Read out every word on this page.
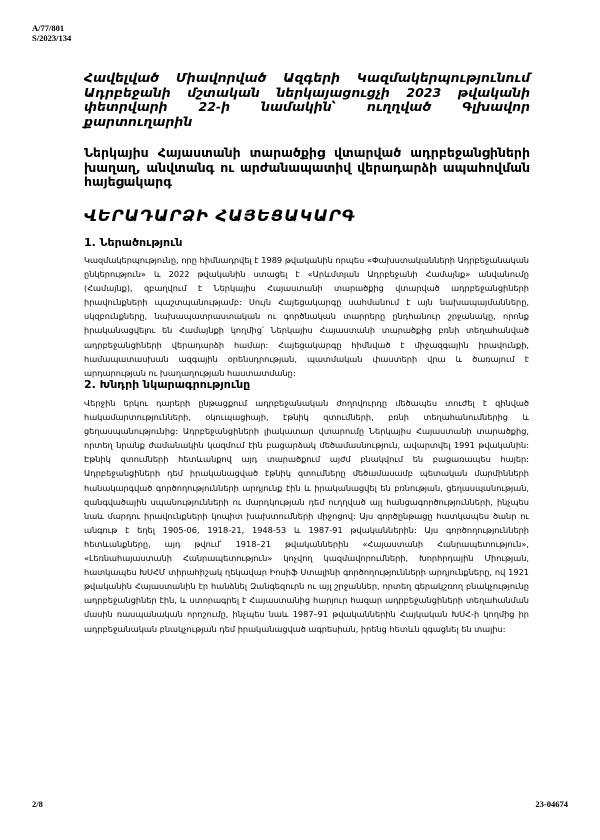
A/77/801
S/2023/134
Հավելված Միավորված Ազգերի Կազմակերպությունում Ադրբեջանի մշտական ներկայացուցչի 2023 թվականի փետրվարի 22-ի նամակին՝ ուղղված Գլխավոր քարտուղարին
Ներկայիս Հայաստանի տարածքից վտարված ադրբեջանցիների խաղաղ, անվտանգ ու արժանապատիվ վերադարձի ապահովման հայեցակարգ
ՎԵՐԱԴԱՐՁԻ ՀԱՅԵՑԱԿԱՐԳ
1. Ներածություն
Կազմակերպությունը, որը հիմնադրվել է 1989 թվականին որպես «Փախստականների Ադրբեջանական ընկերություն» և 2022 թվականին ստացել է «Արևմտյան Ադրբեջանի Համայնք» անվանումը (Համայնք), զբաղվում է Ներկայիս Հայաստանի տարածքից վտարված ադրբեջանցիների իրավունքների պաշտպանությամբ: Սույն Հայեցակարգը սահմանում է այն նախապայմանները, սկզբունքները, նախապատրաստական ու գործնական տարրերը ընդհանուր շրջանակը, որոնք իրականացվելու են Համայնքի կողմից՝ Ներկայիս Հայաստանի տարածքից բռնի տեղահանված ադրբեջանցիների վերադարձի համար: Հայեցակարգը հիմնված է միջազգային իրավունքի, համապատասխան ազգային օրենսդրության, պատմական փաստերի վրա և ծառայում է արդարության ու խաղաղության հաստատմանը:
2. Խնդրի նկարագրությունը
Վերջին երկու դարերի ընթացքում ադրբեջանական ժողովուրդը մեծապես տուժել է զինված հակամարտությունների, օկուպացիայի, էթնիկ զտումների, բռնի տեղահանումներից և ցեղասպանությունից: Ադրբեջանցիների լիակատար վտարումը Ներկայիս Հայաստանի տարածքից, որտեղ նրանք ժամանակին կազմում էին բացարձակ մեծամասնություն, ավարտվել 1991 թվականին: Էթնիկ զտումների հետևանքով այդ տարածքում այժմ բնակվում են բացառապես հայեր: Ադրբեջանցիների դեմ իրականացված էթնիկ զտումները մեծամասամբ պետական մարմինների հանակարգված գործողությունների արդյունք էին և իրականացվել են բռնության, ցեղասպանության, զանգվածային սպանությունների ու մարդկության դեմ ուղղված այլ հանցագործությունների, ինչպես նաև մարդու իրավունքների կոպիտ խախտումների միջոցով: Այս գործընթացը հատկապես ծանր ու անգութ է եղել 1905-06, 1918-21, 1948-53 և 1987-91 թվականներին: Այս գործողությունների հետևանքները, այդ թվում՝ 1918–21 թվականներին «Հայաստանի Հանրապետություն», «Լեռնահայաստանի Հանրապետություն» կոչվող կազմավորումների, Խորհրդային Միության, հատկապես ԽՍՀՄ տիրահիշակ ղեկավար Իոսիֆ Ստալինի գործողությունների արդյունքները, ով 1921 թվականին Հայաստանին էր հանձնել Զանգեզուրն ու այլ շրջաններ, որտեղ գերակշռող բնակչությունը ադրբեջանցիներ էին, և ստորագրել է Հայաստանից հարյուր հազար ադրբեջանցիների տեղահանման մասին ռասպանական որոշումը, ինչպես նաև 1987–91 թվականներին Հայկական ԽՍՀ-ի կողմից իր ադրբեջանական բնակչության դեմ իրականացված ագրեսիան, իրենց հետևն զգացնել են տալիս:
2/8	23-04674
